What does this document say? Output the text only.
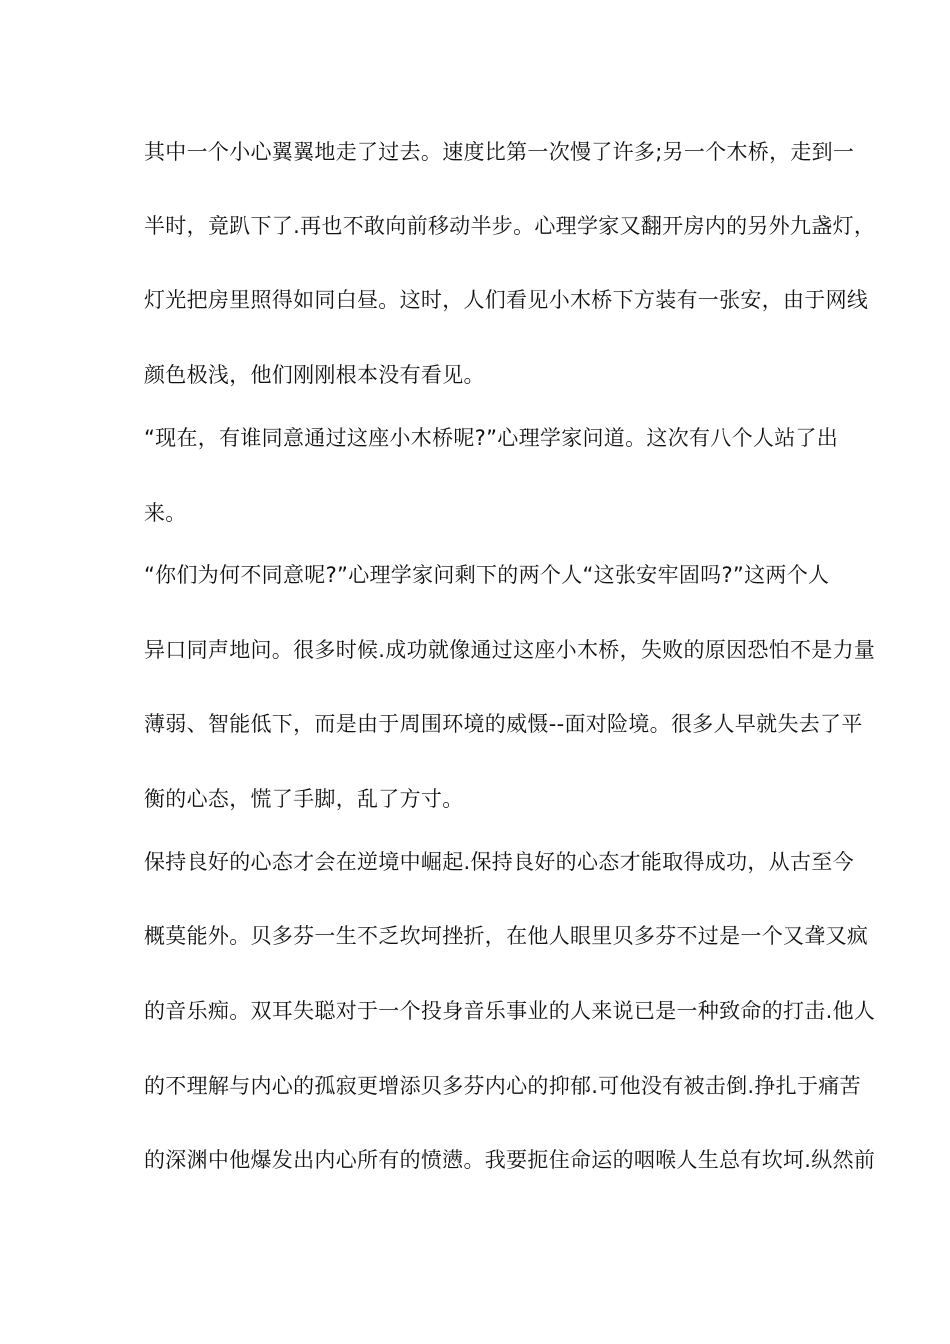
其中一个小心翼翼地走了过去。速度比第一次慢了许多;另一个木桥，走到一
半时，竟趴下了.再也不敢向前移动半步。心理学家又翻开房内的另外九盏灯，
灯光把房里照得如同白昼。这时，人们看见小木桥下方装有一张安，由于网线
颜色极浅，他们刚刚根本没有看见。
“现在，有谁同意通过这座小木桥呢?”心理学家问道。这次有八个人站了出
来。
“你们为何不同意呢?”心理学家问剩下的两个人“这张安牢固吗?”这两个人
异口同声地问。很多时候.成功就像通过这座小木桥，失败的原因恐怕不是力量
薄弱、智能低下，而是由于周围环境的威慑--面对险境。很多人早就失去了平
衡的心态，慌了手脚，乱了方寸。
保持良好的心态才会在逆境中崛起.保持良好的心态才能取得成功，从古至今
概莫能外。贝多芬一生不乏坎坷挫折，在他人眼里贝多芬不过是一个又聋又疯
的音乐痴。双耳失聪对于一个投身音乐事业的人来说已是一种致命的打击.他人
的不理解与内心的孤寂更增添贝多芬内心的抑郁.可他没有被击倒.挣扎于痛苦
的深渊中他爆发出内心所有的愤懑。我要扼住命运的咽喉人生总有坎坷.纵然前
